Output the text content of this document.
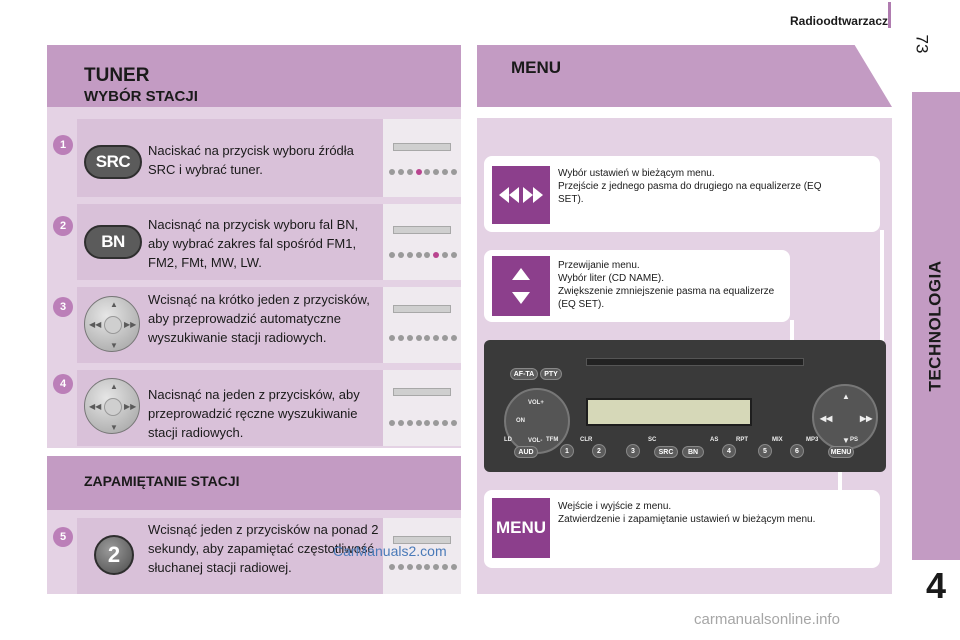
Radioodtwarzacz
73
TECHNOLOGIA
4
TUNER
WYBÓR STACJI
1
SRC
Naciskać na przycisk wyboru źródła SRC i wybrać tuner.
2
BN
Nacisnąć na przycisk wyboru fal BN, aby wybrać zakres fal spośród FM1, FM2, FMt, MW, LW.
3	▲
▼
◀◀	▶▶
Wcisnąć na krótko jeden z przycisków, aby przeprowadzić automatyczne wyszukiwanie stacji radiowych.
4	▲
▼
◀◀	▶▶
Nacisnąć na jeden z przycisków, aby przeprowadzić ręczne wyszukiwanie stacji radiowych.
ZAPAMIĘTANIE STACJI
5
2
Wcisnąć jeden z przycisków na ponad 2 sekundy, aby zapamiętać częstotliwość słuchanej stacji radiowej.
CarManuals2.com
MENU
Wybór ustawień w bieżącym menu.
Przejście z jednego pasma do drugiego na equalizerze (EQ SET).
Przewijanie menu.
Wybór liter (CD NAME).
Zwiększenie zmniejszenie pasma na equalizerze (EQ SET).
AF-TA	PTY
VOL+
ON
VOL-
▲
▼
◀◀	▶▶
LD	TFM	CLR	SC	AS	RPT	MIX	MP3	PS
AUD	1	2	3	SRC	BN	4	5	6	MENU
MENU
Wejście i wyjście z menu.
Zatwierdzenie i zapamiętanie ustawień w bieżącym menu.
carmanualsonline.info
